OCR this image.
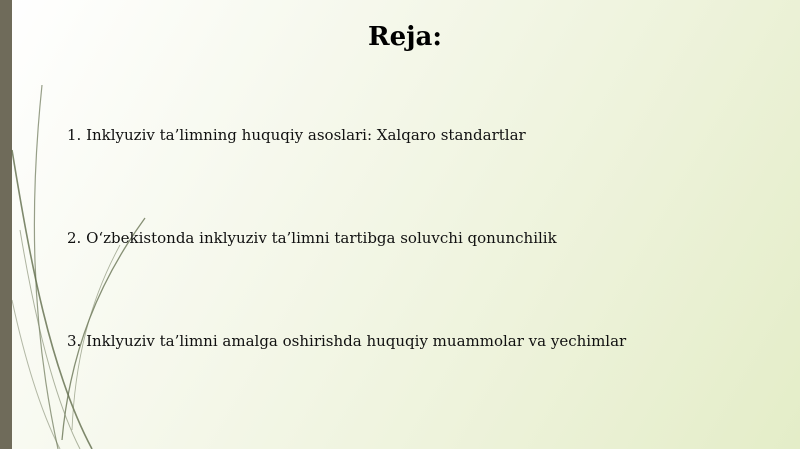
Reja:
1. Inklyuziv ta’limning huquqiy asoslari: Xalqaro standartlar
2. O‘zbekistonda inklyuziv ta’limni tartibga soluvchi qonunchilik
3. Inklyuziv ta’limni amalga oshirishda huquqiy muammolar va yechimlar
